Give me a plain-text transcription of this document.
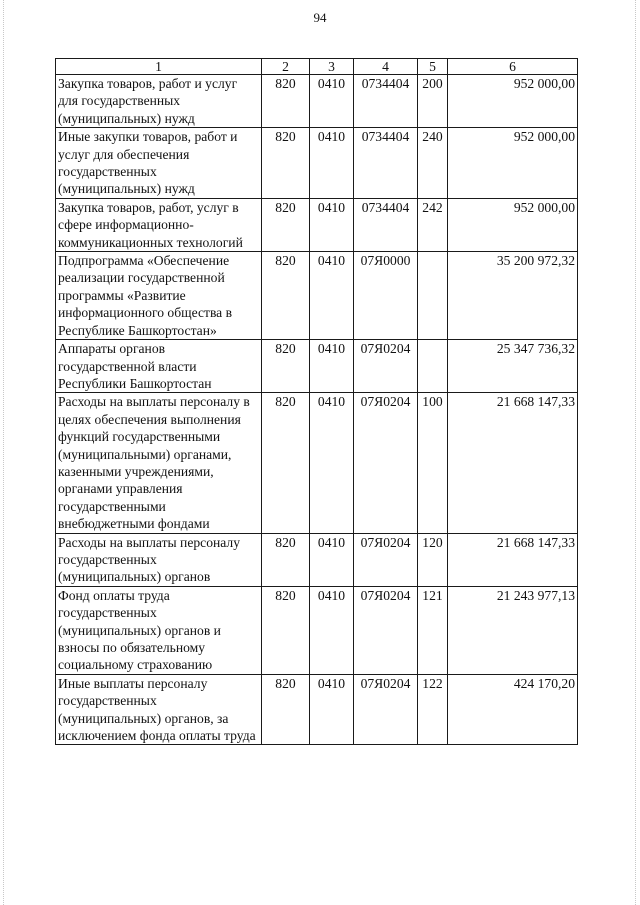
94
1	2	3	4	5	6
Закупка товаров, работ и услуг для государственных (муниципальных) нужд	820	0410	0734404	200	952 000,00
Иные закупки товаров, работ и услуг для обеспечения государственных (муниципальных) нужд	820	0410	0734404	240	952 000,00
Закупка товаров, работ, услуг в сфере информационно-коммуникационных технологий	820	0410	0734404	242	952 000,00
Подпрограмма «Обеспечение реализации государственной программы «Развитие информационного общества в Республике Башкортостан»	820	0410	07Я0000		35 200 972,32
Аппараты органов государственной власти Республики Башкортостан	820	0410	07Я0204		25 347 736,32
Расходы на выплаты персоналу в целях обеспечения выполнения функций государственными (муниципальными) органами, казенными учреждениями, органами управления государственными внебюджетными фондами	820	0410	07Я0204	100	21 668 147,33
Расходы на выплаты персоналу государственных (муниципальных) органов	820	0410	07Я0204	120	21 668 147,33
Фонд оплаты труда государственных (муниципальных) органов и взносы по обязательному социальному страхованию	820	0410	07Я0204	121	21 243 977,13
Иные выплаты персоналу государственных (муниципальных) органов, за исключением фонда оплаты труда	820	0410	07Я0204	122	424 170,20
